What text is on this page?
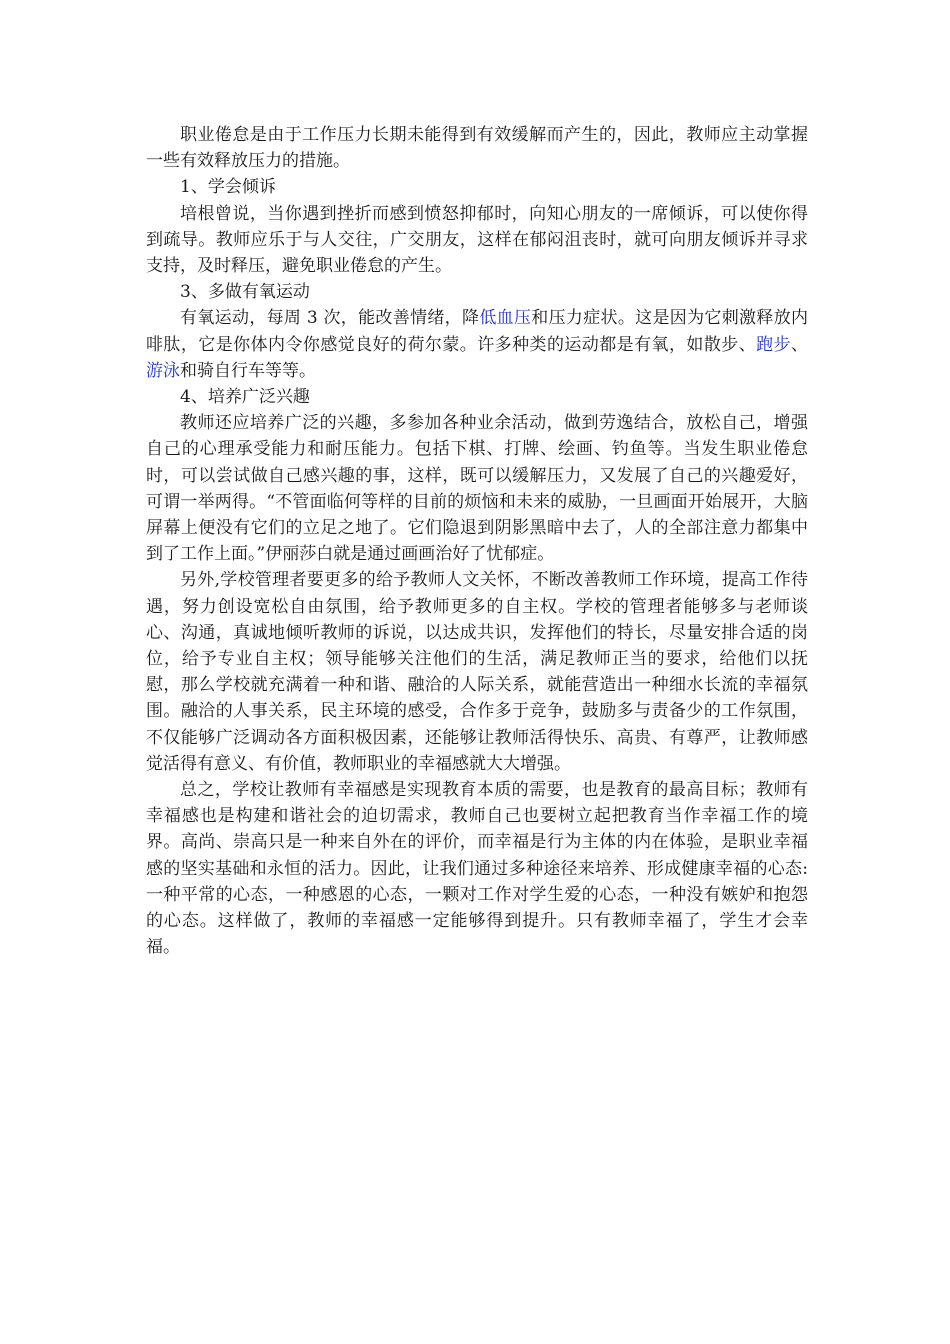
职业倦怠是由于工作压力长期未能得到有效缓解而产生的，因此，教师应主动掌握一些有效释放压力的措施。

1、学会倾诉

培根曾说，当你遇到挫折而感到愤怒抑郁时，向知心朋友的一席倾诉，可以使你得到疏导。教师应乐于与人交往，广交朋友，这样在郁闷沮丧时，就可向朋友倾诉并寻求支持，及时释压，避免职业倦怠的产生。

3、多做有氧运动

有氧运动，每周 3 次，能改善情绪，降低血压和压力症状。这是因为它刺激释放内啡肽，它是你体内令你感觉良好的荷尔蒙。许多种类的运动都是有氧，如散步、跑步、游泳和骑自行车等等。

4、培养广泛兴趣

教师还应培养广泛的兴趣，多参加各种业余活动，做到劳逸结合，放松自己，增强自己的心理承受能力和耐压能力。包括下棋、打牌、绘画、钓鱼等。当发生职业倦怠时，可以尝试做自己感兴趣的事，这样，既可以缓解压力，又发展了自己的兴趣爱好，可谓一举两得。“不管面临何等样的目前的烦恼和未来的威胁，一旦画面开始展开，大脑屏幕上便没有它们的立足之地了。它们隐退到阴影黑暗中去了，人的全部注意力都集中到了工作上面。”伊丽莎白就是通过画画治好了忧郁症。

另外,学校管理者要更多的给予教师人文关怀，不断改善教师工作环境，提高工作待遇，努力创设宽松自由氛围，给予教师更多的自主权。学校的管理者能够多与老师谈心、沟通，真诚地倾听教师的诉说，以达成共识，发挥他们的特长，尽量安排合适的岗位，给予专业自主权；领导能够关注他们的生活，满足教师正当的要求，给他们以抚慰，那么学校就充满着一种和谐、融洽的人际关系，就能营造出一种细水长流的幸福氛围。融洽的人事关系，民主环境的感受，合作多于竞争，鼓励多与责备少的工作氛围，不仅能够广泛调动各方面积极因素，还能够让教师活得快乐、高贵、有尊严，让教师感觉活得有意义、有价值，教师职业的幸福感就大大增强。

总之，学校让教师有幸福感是实现教育本质的需要，也是教育的最高目标；教师有幸福感也是构建和谐社会的迫切需求，教师自己也要树立起把教育当作幸福工作的境界。高尚、崇高只是一种来自外在的评价，而幸福是行为主体的内在体验，是职业幸福感的坚实基础和永恒的活力。因此，让我们通过多种途径来培养、形成健康幸福的心态:一种平常的心态，一种感恩的心态，一颗对工作对学生爱的心态，一种没有嫉妒和抱怨的心态。这样做了，教师的幸福感一定能够得到提升。只有教师幸福了，学生才会幸福。
